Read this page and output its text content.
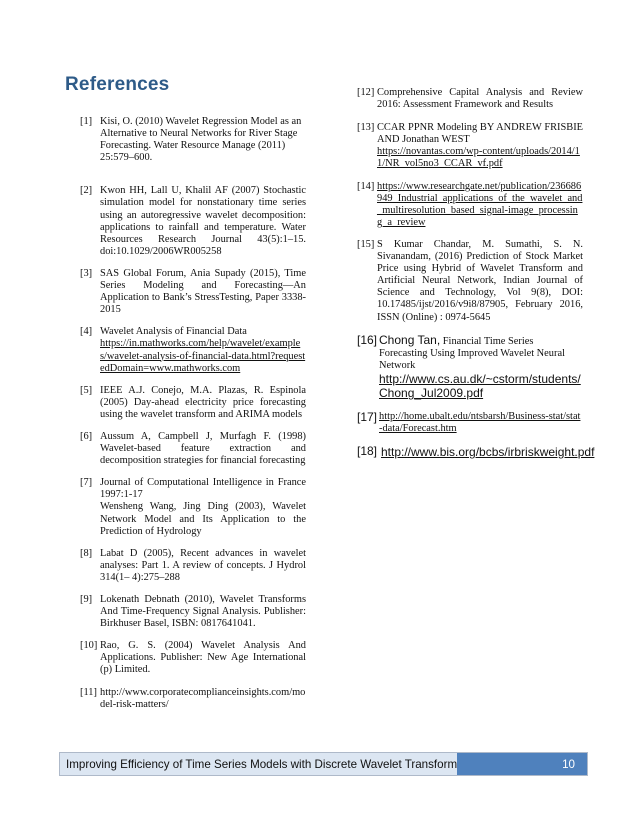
References
[1] Kisi, O. (2010) Wavelet Regression Model as an Alternative to Neural Networks for River Stage Forecasting. Water Resource Manage (2011) 25:579–600.
[2] Kwon HH, Lall U, Khalil AF (2007) Stochastic simulation model for nonstationary time series using an autoregressive wavelet decomposition: applications to rainfall and temperature. Water Resources Research Journal 43(5):1–15. doi:10.1029/2006WR005258
[3] SAS Global Forum, Ania Supady (2015), Time Series Modeling and Forecasting—An Application to Bank’s StressTesting, Paper 3338-2015
[4] Wavelet Analysis of Financial Data
https://in.mathworks.com/help/wavelet/examples/wavelet-analysis-of-financial-data.html?requestedDomain=www.mathworks.com
[5] IEEE A.J. Conejo, M.A. Plazas, R. Espinola (2005) Day-ahead electricity price forecasting using the wavelet transform and ARIMA models
[6] Aussum A, Campbell J, Murfagh F. (1998) Wavelet-based feature extraction and decomposition strategies for financial forecasting
[7] Journal of Computational Intelligence in France 1997:1-17
Wensheng Wang, Jing Ding (2003), Wavelet Network Model and Its Application to the Prediction of Hydrology
[8] Labat D (2005), Recent advances in wavelet analyses: Part 1. A review of concepts. J Hydrol 314(1– 4):275–288
[9] Lokenath Debnath (2010), Wavelet Transforms And Time-Frequency Signal Analysis. Publisher: Birkhuser Basel, ISBN: 0817641041.
[10] Rao, G. S. (2004) Wavelet Analysis And Applications. Publisher: New Age International (p) Limited.
[11] http://www.corporatecomplianceinsights.com/model-risk-matters/
[12] Comprehensive Capital Analysis and Review 2016: Assessment Framework and Results
[13] CCAR PPNR Modeling BY ANDREW FRISBIE AND Jonathan WEST
https://novantas.com/wp-content/uploads/2014/11/NR_vol5no3_CCAR_vf.pdf
[14] https://www.researchgate.net/publication/236686949_Industrial_applications_of_the_wavelet_and_multiresolution_based_signal-image_processing_a_review
[15] S Kumar Chandar, M. Sumathi, S. N. Sivanandam, (2016) Prediction of Stock Market Price using Hybrid of Wavelet Transform and Artificial Neural Network, Indian Journal of Science and Technology, Vol 9(8), DOI: 10.17485/ijst/2016/v9i8/87905, February 2016, ISSN (Online) : 0974-5645
[16] Chong Tan, Financial Time Series Forecasting Using Improved Wavelet Neural Network
http://www.cs.au.dk/~cstorm/students/Chong_Jul2009.pdf
[17] http://home.ubalt.edu/ntsbarsh/Business-stat/stat-data/Forecast.htm
[18] http://www.bis.org/bcbs/irbriskweight.pdf
Improving Efficiency of Time Series Models with Discrete Wavelet Transform	10
